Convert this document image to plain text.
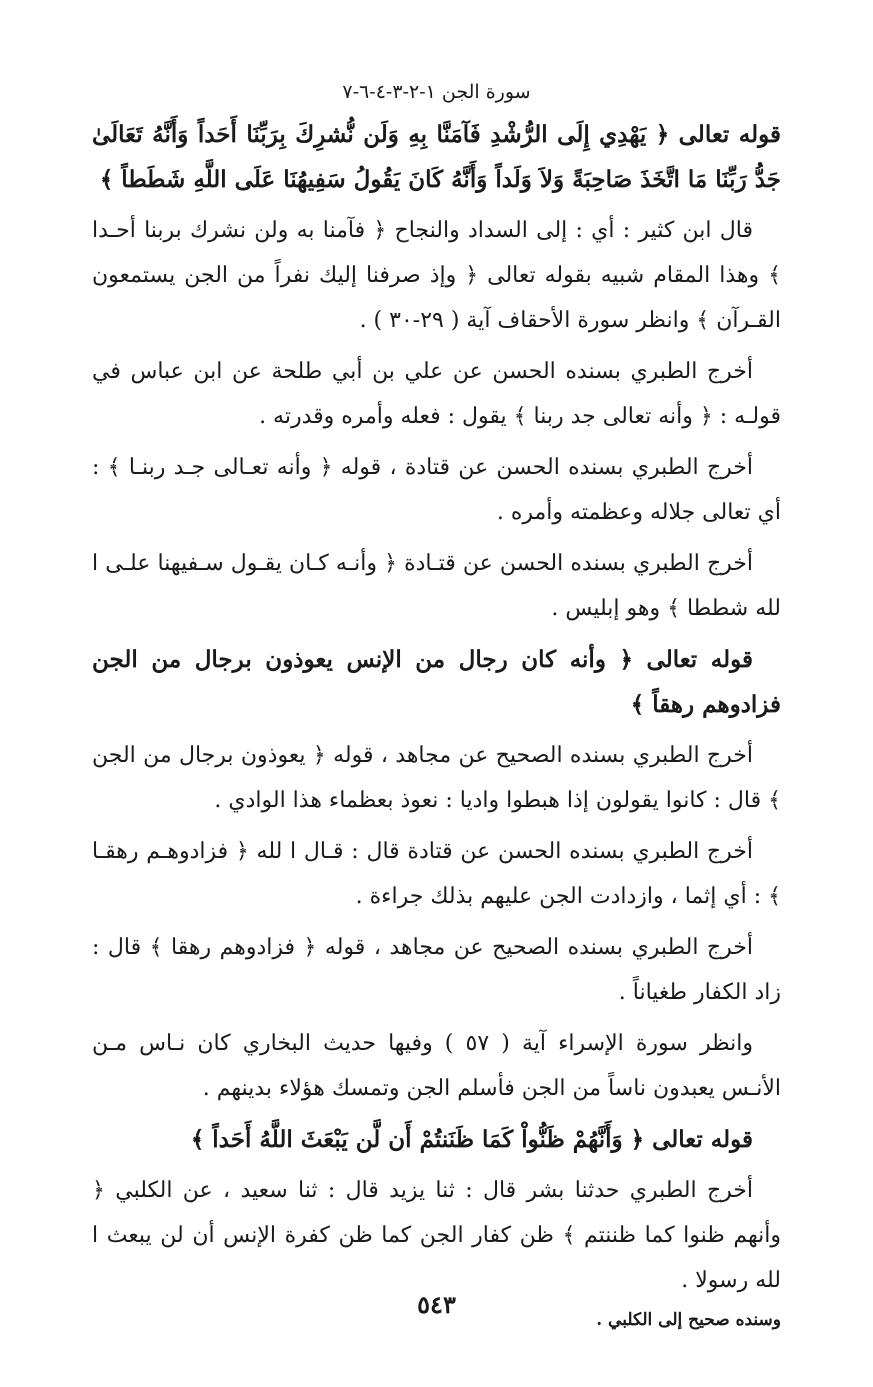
سورة الجن ١-٢-٣-٤-٦-٧

قوله تعالى ﴿ يَهْدِي إِلَى الرُّشْدِ فَآمَنَّا بِهِ وَلَن نُّشرِكَ بِرَبِّنَا أَحَداً وَأَنَّهُ تَعَالَىٰ جَدُّ رَبِّنَا مَا اتَّخَذَ صَاحِبَةً وَلاَ وَلَداً وَأَنَّهُ كَانَ يَقُولُ سَفِيهُنَا عَلَى اللَّهِ شَطَطاً ﴾

قال ابن كثير : أي : إلى السداد والنجاح ﴿ فآمنا به ولن نشرك بربنا أحـدا ﴾ وهذا المقام شبيه بقوله تعالى ﴿ وإذ صرفنا إليك نفراً من الجن يستمعون القـرآن ﴾ وانظر سورة الأحقاف آية ( ٢٩-٣٠ ) .

أخرج الطبري بسنده الحسن عن علي بن أبي طلحة عن ابن عباس في قولـه : ﴿ وأنه تعالى جد ربنا ﴾ يقول : فعله وأمره وقدرته .

أخرج الطبري بسنده الحسن عن قتادة ، قوله ﴿ وأنه تعـالى جـد ربنـا ﴾ : أي تعالى جلاله وعظمته وأمره .

أخرج الطبري بسنده الحسن عن قتـادة ﴿ وأنـه كـان يقـول سـفيهنا علـى ا لله شططا ﴾ وهو إبليس .

قوله تعالى ﴿ وأنه كان رجال من الإنس يعوذون برجال من الجن فزادوهم رهقاً ﴾

أخرج الطبري بسنده الصحيح عن مجاهد ، قوله ﴿ يعوذون برجال من الجن ﴾ قال : كانوا يقولون إذا هبطوا واديا : نعوذ بعظماء هذا الوادي .

أخرج الطبري بسنده الحسن عن قتادة قال : قـال ا لله ﴿ فزادوهـم رهقـا ﴾ : أي إثما ، وازدادت الجن عليهم بذلك جراءة .

أخرج الطبري بسنده الصحيح عن مجاهد ، قوله ﴿ فزادوهم رهقا ﴾ قال : زاد الكفار طغياناً .

وانظر سورة الإسراء آية ( ٥٧ ) وفيها حديث البخاري كان نـاس مـن الأنـس يعبدون ناساً من الجن فأسلم الجن وتمسك هؤلاء بدينهم .

قوله تعالى ﴿ وَأَنَّهُمْ ظَنُّواْ كَمَا ظَنَنتُمْ أَن لَّن يَبْعَثَ اللَّهُ أَحَداً ﴾

أخرج الطبري حدثنا بشر قال : ثنا يزيد قال : ثنا سعيد ، عن الكلبي ﴿ وأنهم ظنوا كما ظننتم ﴾ ظن كفار الجن كما ظن كفرة الإنس أن لن يبعث ا لله رسولا .

وسنده صحيح إلى الكلبي .

٥٤٣
